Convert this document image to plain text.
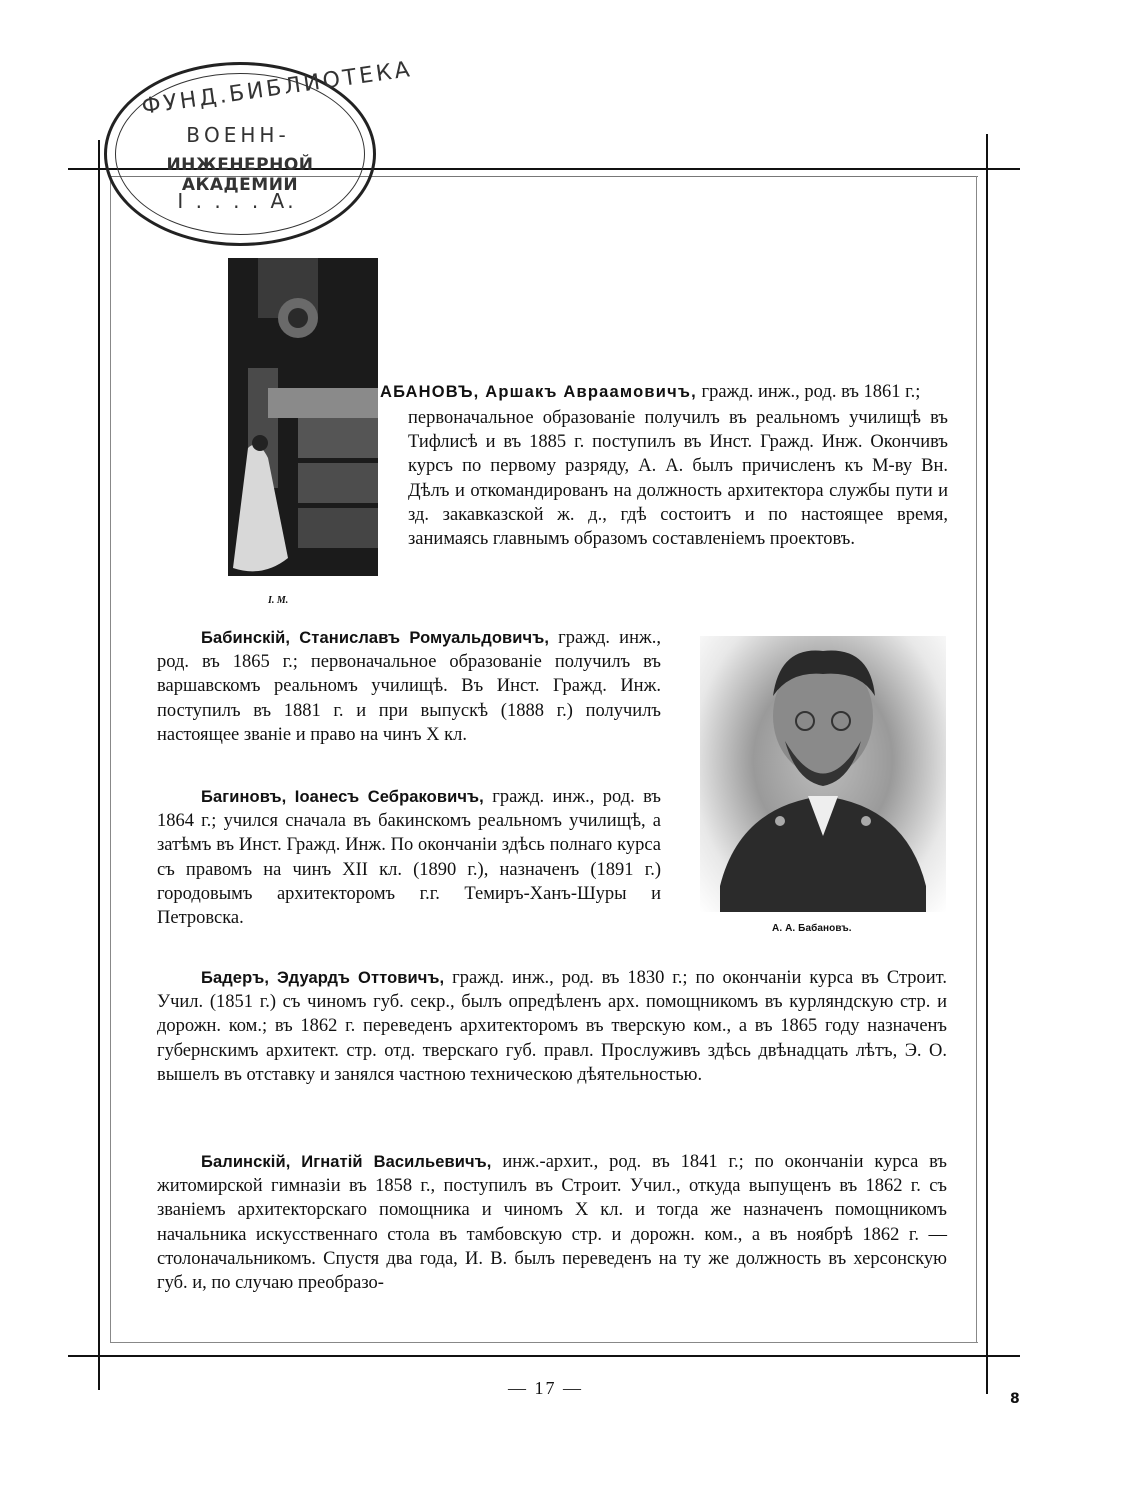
ФУНД.БИБЛИОТЕКА
ВОЕНН-
ИНЖЕНЕРНОЙ АКАДЕМИИ
I . . . . А.
I. M.
А. А. Бабановъ.
АБАНОВЪ, Аршакъ Авраамовичъ, гражд. инж., род. въ 1861 г.;
первоначальное образованіе получилъ въ реальномъ училищѣ въ Тифлисѣ и въ 1885 г. поступилъ въ Инст. Гражд. Инж. Окончивъ курсъ по первому разряду, А. А. былъ причисленъ къ М-ву Вн. Дѣлъ и откомандированъ на должность архитектора службы пути и зд. закавказской ж. д., гдѣ состоитъ и по настоящее время, занимаясь главнымъ образомъ составленіемъ проектовъ.
Бабинскій, Станиславъ Ромуальдовичъ, гражд. инж., род. въ 1865 г.; первоначальное образованіе получилъ въ варшавскомъ реальномъ училищѣ. Въ Инст. Гражд. Инж. поступилъ въ 1881 г. и при выпускѣ (1888 г.) получилъ настоящее званіе и право на чинъ X кл.
Багиновъ, Іоанесъ Себраковичъ, гражд. инж., род. въ 1864 г.; учился сначала въ бакинскомъ реальномъ училищѣ, а затѣмъ въ Инст. Гражд. Инж. По окончаніи здѣсь полнаго курса съ правомъ на чинъ XII кл. (1890 г.), назначенъ (1891 г.) городовымъ архитекторомъ г.г. Темиръ-Ханъ-Шуры и Петровска.
Бадеръ, Эдуардъ Оттовичъ, гражд. инж., род. въ 1830 г.; по окончаніи курса въ Строит. Учил. (1851 г.) съ чиномъ губ. секр., былъ опредѣленъ арх. помощникомъ въ курляндскую стр. и дорожн. ком.; въ 1862 г. переведенъ архитекторомъ въ тверскую ком., а въ 1865 году назначенъ губернскимъ архитект. стр. отд. тверскаго губ. правл. Прослуживъ здѣсь двѣнадцать лѣтъ, Э. О. вышелъ въ отставку и занялся частною техническою дѣятельностью.
Балинскій, Игнатій Васильевичъ, инж.-архит., род. въ 1841 г.; по окончаніи курса въ житомирской гимназіи въ 1858 г., поступилъ въ Строит. Учил., откуда выпущенъ въ 1862 г. съ званіемъ архитекторскаго помощника и чиномъ X кл. и тогда же назначенъ помощникомъ начальника искусственнаго стола въ тамбовскую стр. и дорожн. ком., а въ ноябрѣ 1862 г. — столоначальникомъ. Спустя два года, И. В. былъ переведенъ на ту же должность въ херсонскую губ. и, по случаю преобразо-
— 17 —
8
